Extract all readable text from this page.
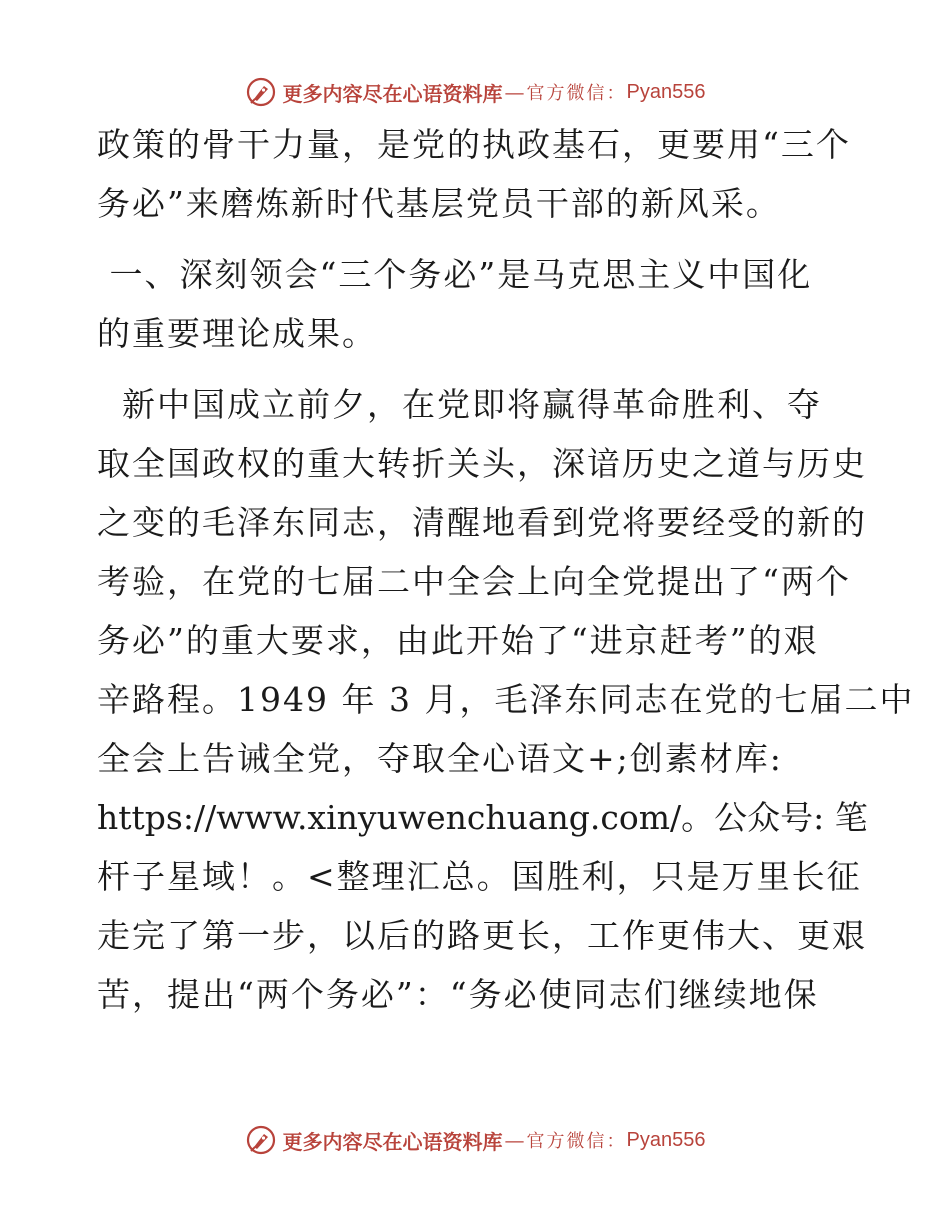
更多内容尽在心语资料库 — 官方微信： Pyan556
政策的骨干力量，是党的执政基石，更要用“三个
务必”来磨炼新时代基层党员干部的新风采。
一、深刻领会“三个务必”是马克思主义中国化
的重要理论成果。
新中国成立前夕，在党即将赢得革命胜利、夺
取全国政权的重大转折关头，深谙历史之道与历史
之变的毛泽东同志，清醒地看到党将要经受的新的
考验，在党的七届二中全会上向全党提出了“两个
务必”的重大要求，由此开始了“进京赶考”的艰
辛路程。1949 年 3 月，毛泽东同志在党的七届二中
全会上告诫全党，夺取全心语文+;创素材库:
https://www.xinyuwenchuang.com/。公众号: 笔
杆子星域！。<整理汇总。国胜利，只是万里长征
走完了第一步，以后的路更长，工作更伟大、更艰
苦，提出“两个务必”：“务必使同志们继续地保
更多内容尽在心语资料库 — 官方微信： Pyan556
